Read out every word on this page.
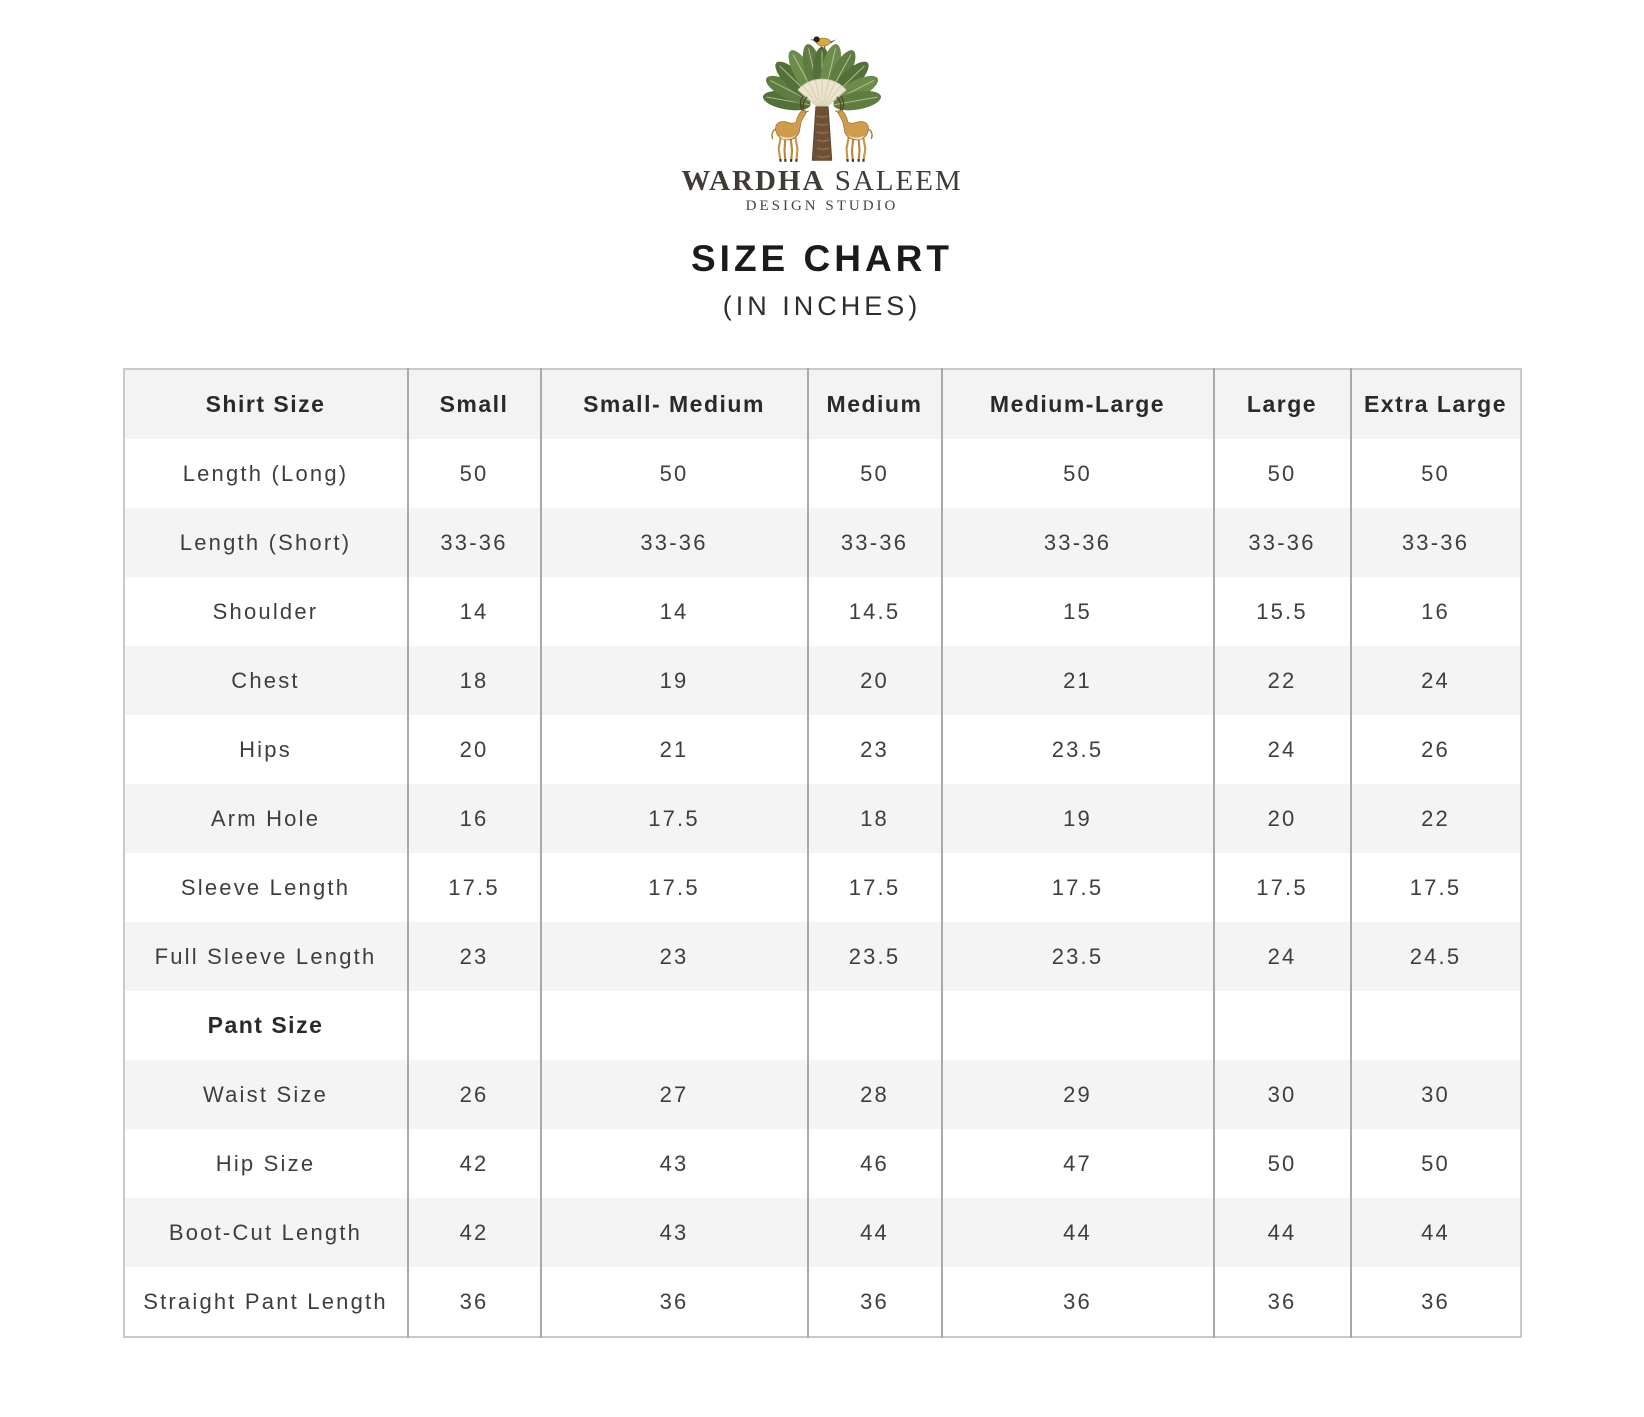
WARDHA SALEEM
DESIGN STUDIO
SIZE CHART
(IN INCHES)
Shirt Size	Small	Small- Medium	Medium	Medium-Large	Large	Extra Large
Length (Long)	50	50	50	50	50	50
Length (Short)	33-36	33-36	33-36	33-36	33-36	33-36
Shoulder	14	14	14.5	15	15.5	16
Chest	18	19	20	21	22	24
Hips	20	21	23	23.5	24	26
Arm Hole	16	17.5	18	19	20	22
Sleeve Length	17.5	17.5	17.5	17.5	17.5	17.5
Full Sleeve Length	23	23	23.5	23.5	24	24.5
Pant Size						
Waist Size	26	27	28	29	30	30
Hip Size	42	43	46	47	50	50
Boot-Cut Length	42	43	44	44	44	44
Straight Pant Length	36	36	36	36	36	36
